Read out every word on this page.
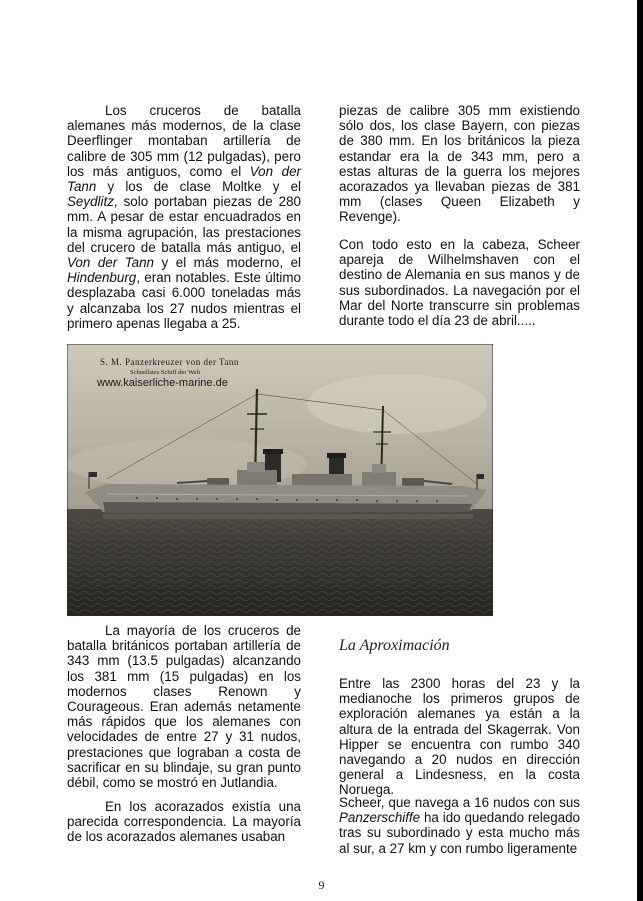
Los cruceros de batalla alemanes más modernos, de la clase Deerflinger montaban artillería de calibre de 305 mm (12 pulgadas), pero los más antiguos, como el Von der Tann y los de clase Moltke y el Seydlitz, solo portaban piezas de 280 mm. A pesar de estar encuadrados en la misma agrupación, las prestaciones del crucero de batalla más antiguo, el Von der Tann y el más moderno, el Hindenburg, eran notables. Este último desplazaba casi 6.000 toneladas más y alcanzaba los 27 nudos mientras el primero apenas llegaba a 25.

piezas de calibre 305 mm existiendo sólo dos, los clase Bayern, con piezas de 380 mm. En los británicos la pieza estandar era la de 343 mm, pero a estas alturas de la guerra los mejores acorazados ya llevaban piezas de 381 mm (clases Queen Elizabeth y Revenge).

Con todo esto en la cabeza, Scheer apareja de Wilhelmshaven con el destino de Alemania en sus manos y de sus subordinados. La navegación por el Mar del Norte transcurre sin problemas durante todo el día 23 de abril.....

S. M. Panzerkreuzer von der Tann
Schnellstes Schiff der Welt
www.kaiserliche-marine.de

La mayoría de los cruceros de batalla británicos portaban artillería de 343 mm (13.5 pulgadas) alcanzando los 381 mm (15 pulgadas) en los modernos clases Renown y Courageous. Eran además netamente más rápidos que los alemanes con velocidades de entre 27 y 31 nudos, prestaciones que lograban a costa de sacrificar en su blindaje, su gran punto débil, como se mostró en Jutlandia.

En los acorazados existía una parecida correspondencia. La mayoría de los acorazados alemanes usaban

La Aproximación

Entre las 2300 horas del 23 y la medianoche los primeros grupos de exploración alemanes ya están a la altura de la entrada del Skagerrak. Von Hipper se encuentra con rumbo 340 navegando a 20 nudos en dirección general a Lindesness, en la costa Noruega.

Scheer, que navega a 16 nudos con sus Panzerschiffe ha ido quedando relegado tras su subordinado y esta mucho más al sur, a 27 km y con rumbo ligeramente

9
